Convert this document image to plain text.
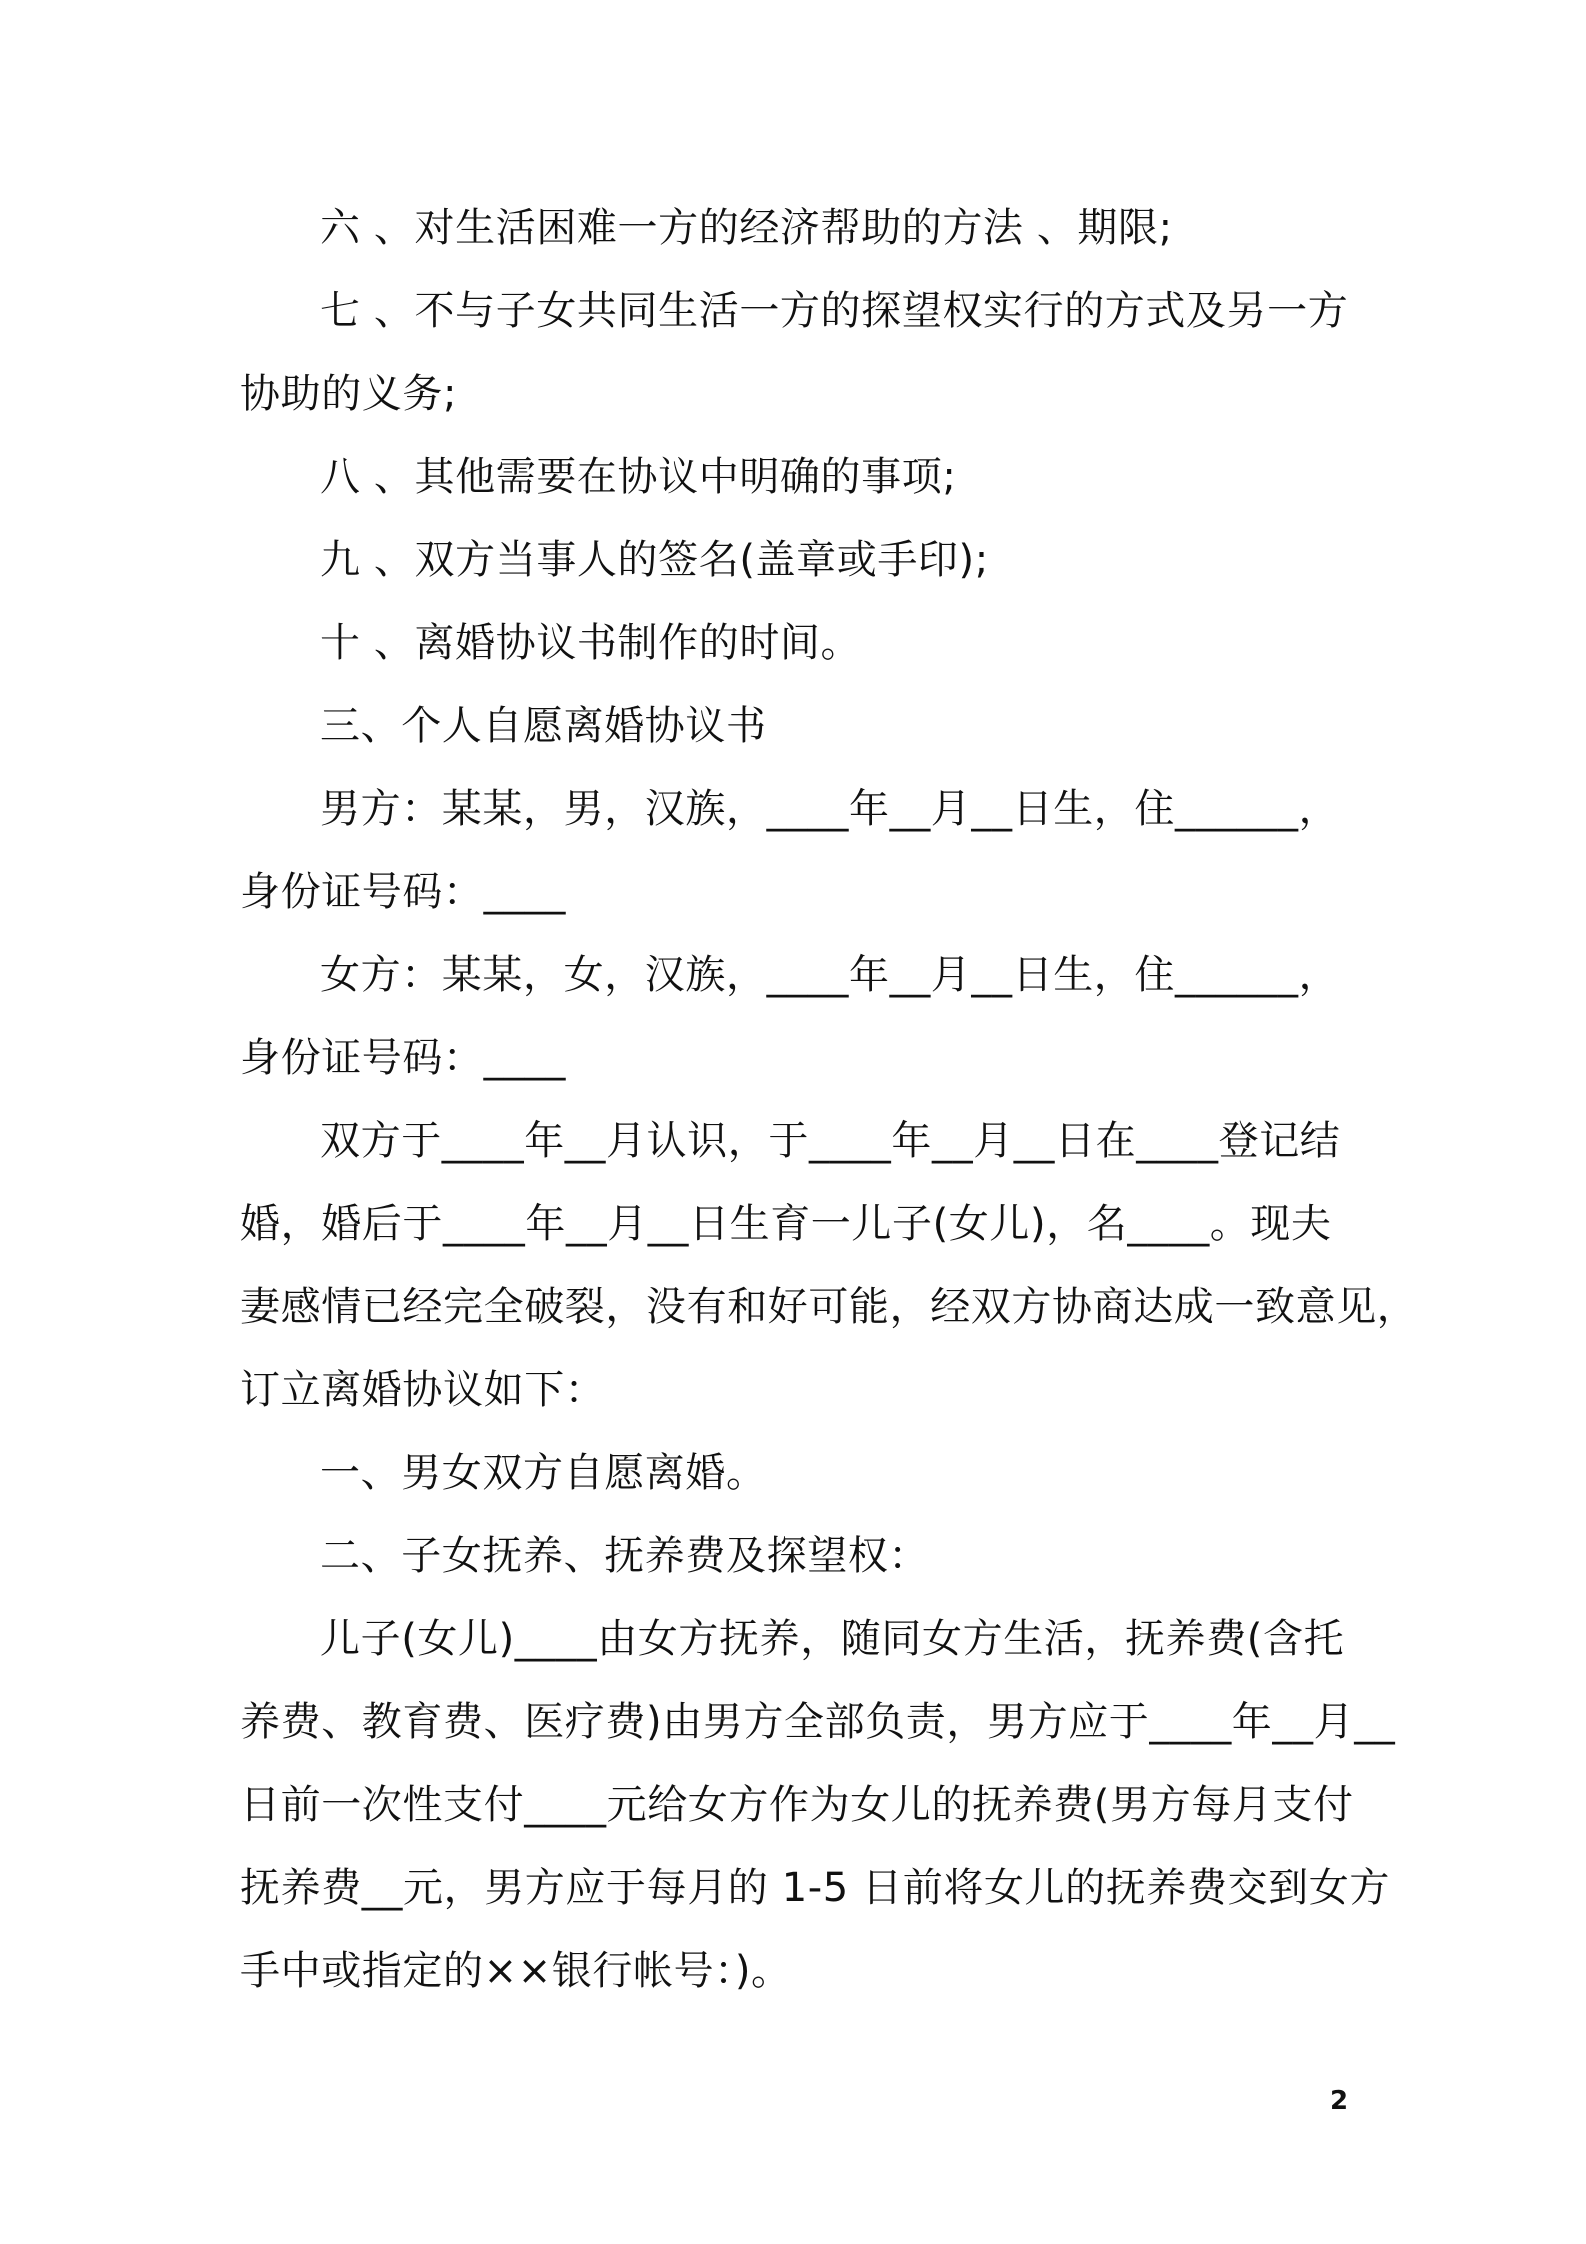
六 、对生活困难一方的经济帮助的方法 、期限;
七 、不与子女共同生活一方的探望权实行的方式及另一方
协助的义务;
八 、其他需要在协议中明确的事项;
九 、双方当事人的签名(盖章或手印);
十 、离婚协议书制作的时间。
三、个人自愿离婚协议书
男方：某某，男，汉族，____年__月__日生，住______，
身份证号码：____
女方：某某，女，汉族，____年__月__日生，住______，
身份证号码：____
双方于____年__月认识，于____年__月__日在____登记结
婚，婚后于____年__月__日生育一儿子(女儿)，名____。现夫
妻感情已经完全破裂，没有和好可能，经双方协商达成一致意见，
订立离婚协议如下：
一、男女双方自愿离婚。
二、子女抚养、抚养费及探望权：
儿子(女儿)____由女方抚养，随同女方生活，抚养费(含托
养费、教育费、医疗费)由男方全部负责，男方应于____年__月__
日前一次性支付____元给女方作为女儿的抚养费(男方每月支付
抚养费__元，男方应于每月的 1-5 日前将女儿的抚养费交到女方
手中或指定的××银行帐号：)。
2
